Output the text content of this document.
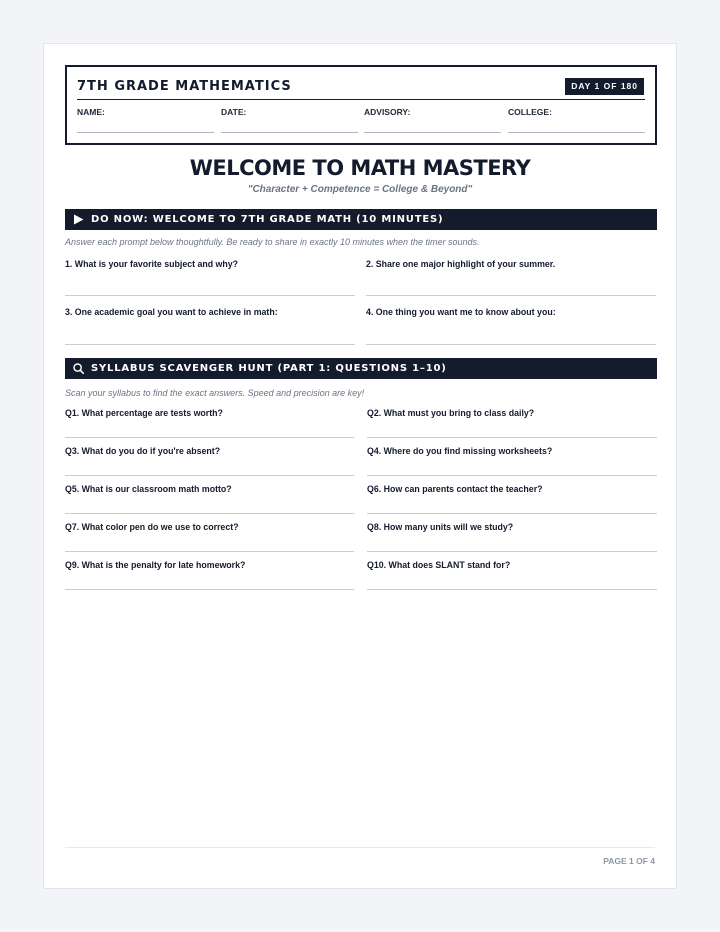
7TH GRADE MATHEMATICS	DAY 1 OF 180
NAME:	DATE:	ADVISORY:	COLLEGE:
WELCOME TO MATH MASTERY
"Character + Competence = College & Beyond"
DO NOW: WELCOME TO 7TH GRADE MATH (10 MINUTES)
Answer each prompt below thoughtfully. Be ready to share in exactly 10 minutes when the timer sounds.
1. What is your favorite subject and why?	2. Share one major highlight of your summer.
3. One academic goal you want to achieve in math:	4. One thing you want me to know about you:
SYLLABUS SCAVENGER HUNT (PART 1: QUESTIONS 1–10)
Scan your syllabus to find the exact answers. Speed and precision are key!
Q1. What percentage are tests worth?	Q2. What must you bring to class daily?
Q3. What do you do if you're absent?	Q4. Where do you find missing worksheets?
Q5. What is our classroom math motto?	Q6. How can parents contact the teacher?
Q7. What color pen do we use to correct?	Q8. How many units will we study?
Q9. What is the penalty for late homework?	Q10. What does SLANT stand for?
PAGE 1 OF 4
